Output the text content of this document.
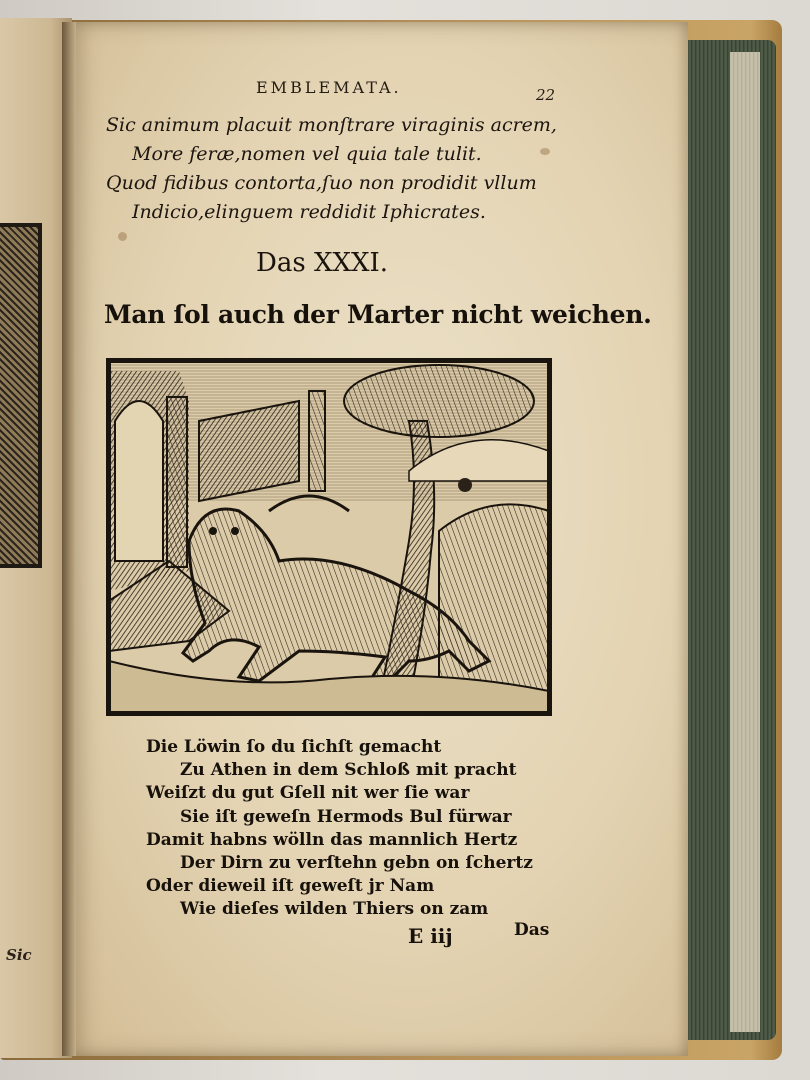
Sic
EMBLEMATA.	22
Sic animum placuit monſtrare viraginis acrem,
More feræ,nomen vel quia tale tulit.
Quod fidibus contorta,ſuo non prodidit vllum
Indicio,elinguem reddidit Iphicrates.
Das XXXI.
Man ſol auch der Marter nicht weichen.
Die Löwin ſo du ſichſt gemacht
Zu Athen in dem Schloß mit pracht
Weiſzt du gut Gſell nit wer ſie war
Sie iſt geweſn Hermods Bul fürwar
Damit habns wölln das mannlich Hertz
Der Dirn zu verſtehn gebn on ſchertz
Oder dieweil iſt geweſt jr Nam
Wie dieſes wilden Thiers on zam
E iij	Das
